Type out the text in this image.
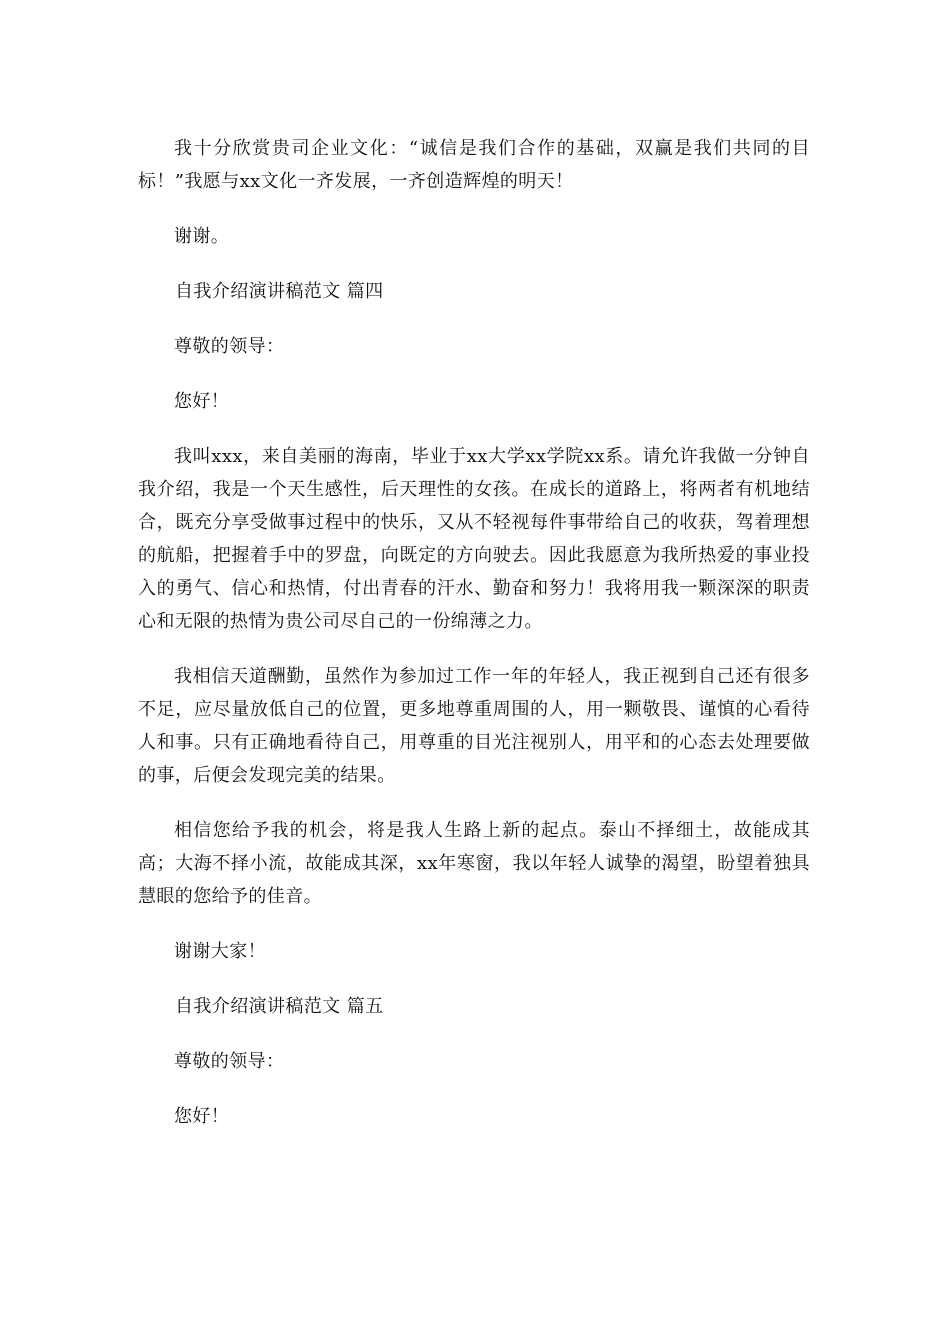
我十分欣赏贵司企业文化：“诚信是我们合作的基础，双赢是我们共同的目标！”我愿与xx文化一齐发展，一齐创造辉煌的明天！

谢谢。

自我介绍演讲稿范文 篇四

尊敬的领导：

您好！

我叫xxx，来自美丽的海南，毕业于xx大学xx学院xx系。请允许我做一分钟自我介绍，我是一个天生感性，后天理性的女孩。在成长的道路上，将两者有机地结合，既充分享受做事过程中的快乐，又从不轻视每件事带给自己的收获，驾着理想的航船，把握着手中的罗盘，向既定的方向驶去。因此我愿意为我所热爱的事业投入的勇气、信心和热情，付出青春的汗水、勤奋和努力！我将用我一颗深深的职责心和无限的热情为贵公司尽自己的一份绵薄之力。

我相信天道酬勤，虽然作为参加过工作一年的年轻人，我正视到自己还有很多不足，应尽量放低自己的位置，更多地尊重周围的人，用一颗敬畏、谨慎的心看待人和事。只有正确地看待自己，用尊重的目光注视别人，用平和的心态去处理要做的事，后便会发现完美的结果。

相信您给予我的机会，将是我人生路上新的起点。泰山不择细土，故能成其高；大海不择小流，故能成其深，xx年寒窗，我以年轻人诚挚的渴望，盼望着独具慧眼的您给予的佳音。

谢谢大家！

自我介绍演讲稿范文 篇五

尊敬的领导：

您好！
